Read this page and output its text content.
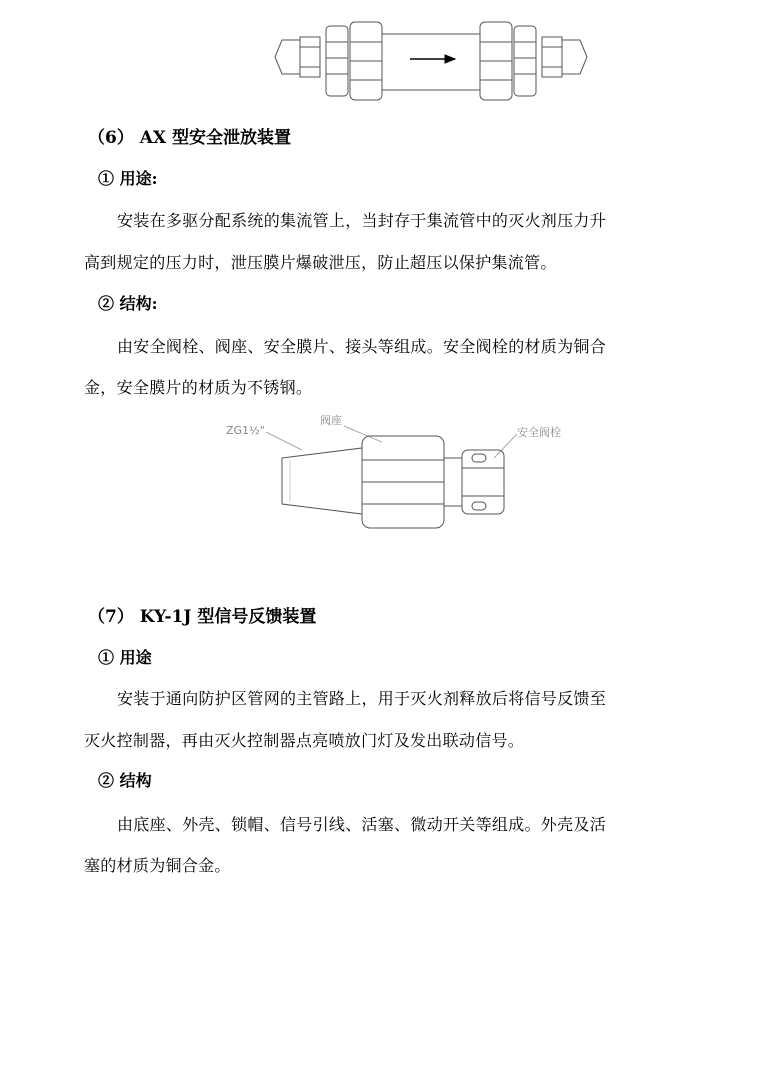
（6） AX 型安全泄放装置
① 用途:
安装在多驱分配系统的集流管上，当封存于集流管中的灭火剂压力升
高到规定的压力时，泄压膜片爆破泄压，防止超压以保护集流管。
② 结构:
由安全阀栓、阀座、安全膜片、接头等组成。安全阀栓的材质为铜合
金，安全膜片的材质为不锈钢。
ZG1½"
阀座
安全阀栓
（7） KY-1J 型信号反馈装置
① 用途
安装于通向防护区管网的主管路上，用于灭火剂释放后将信号反馈至
灭火控制器，再由灭火控制器点亮喷放门灯及发出联动信号。
② 结构
由底座、外壳、锁帽、信号引线、活塞、微动开关等组成。外壳及活
塞的材质为铜合金。
